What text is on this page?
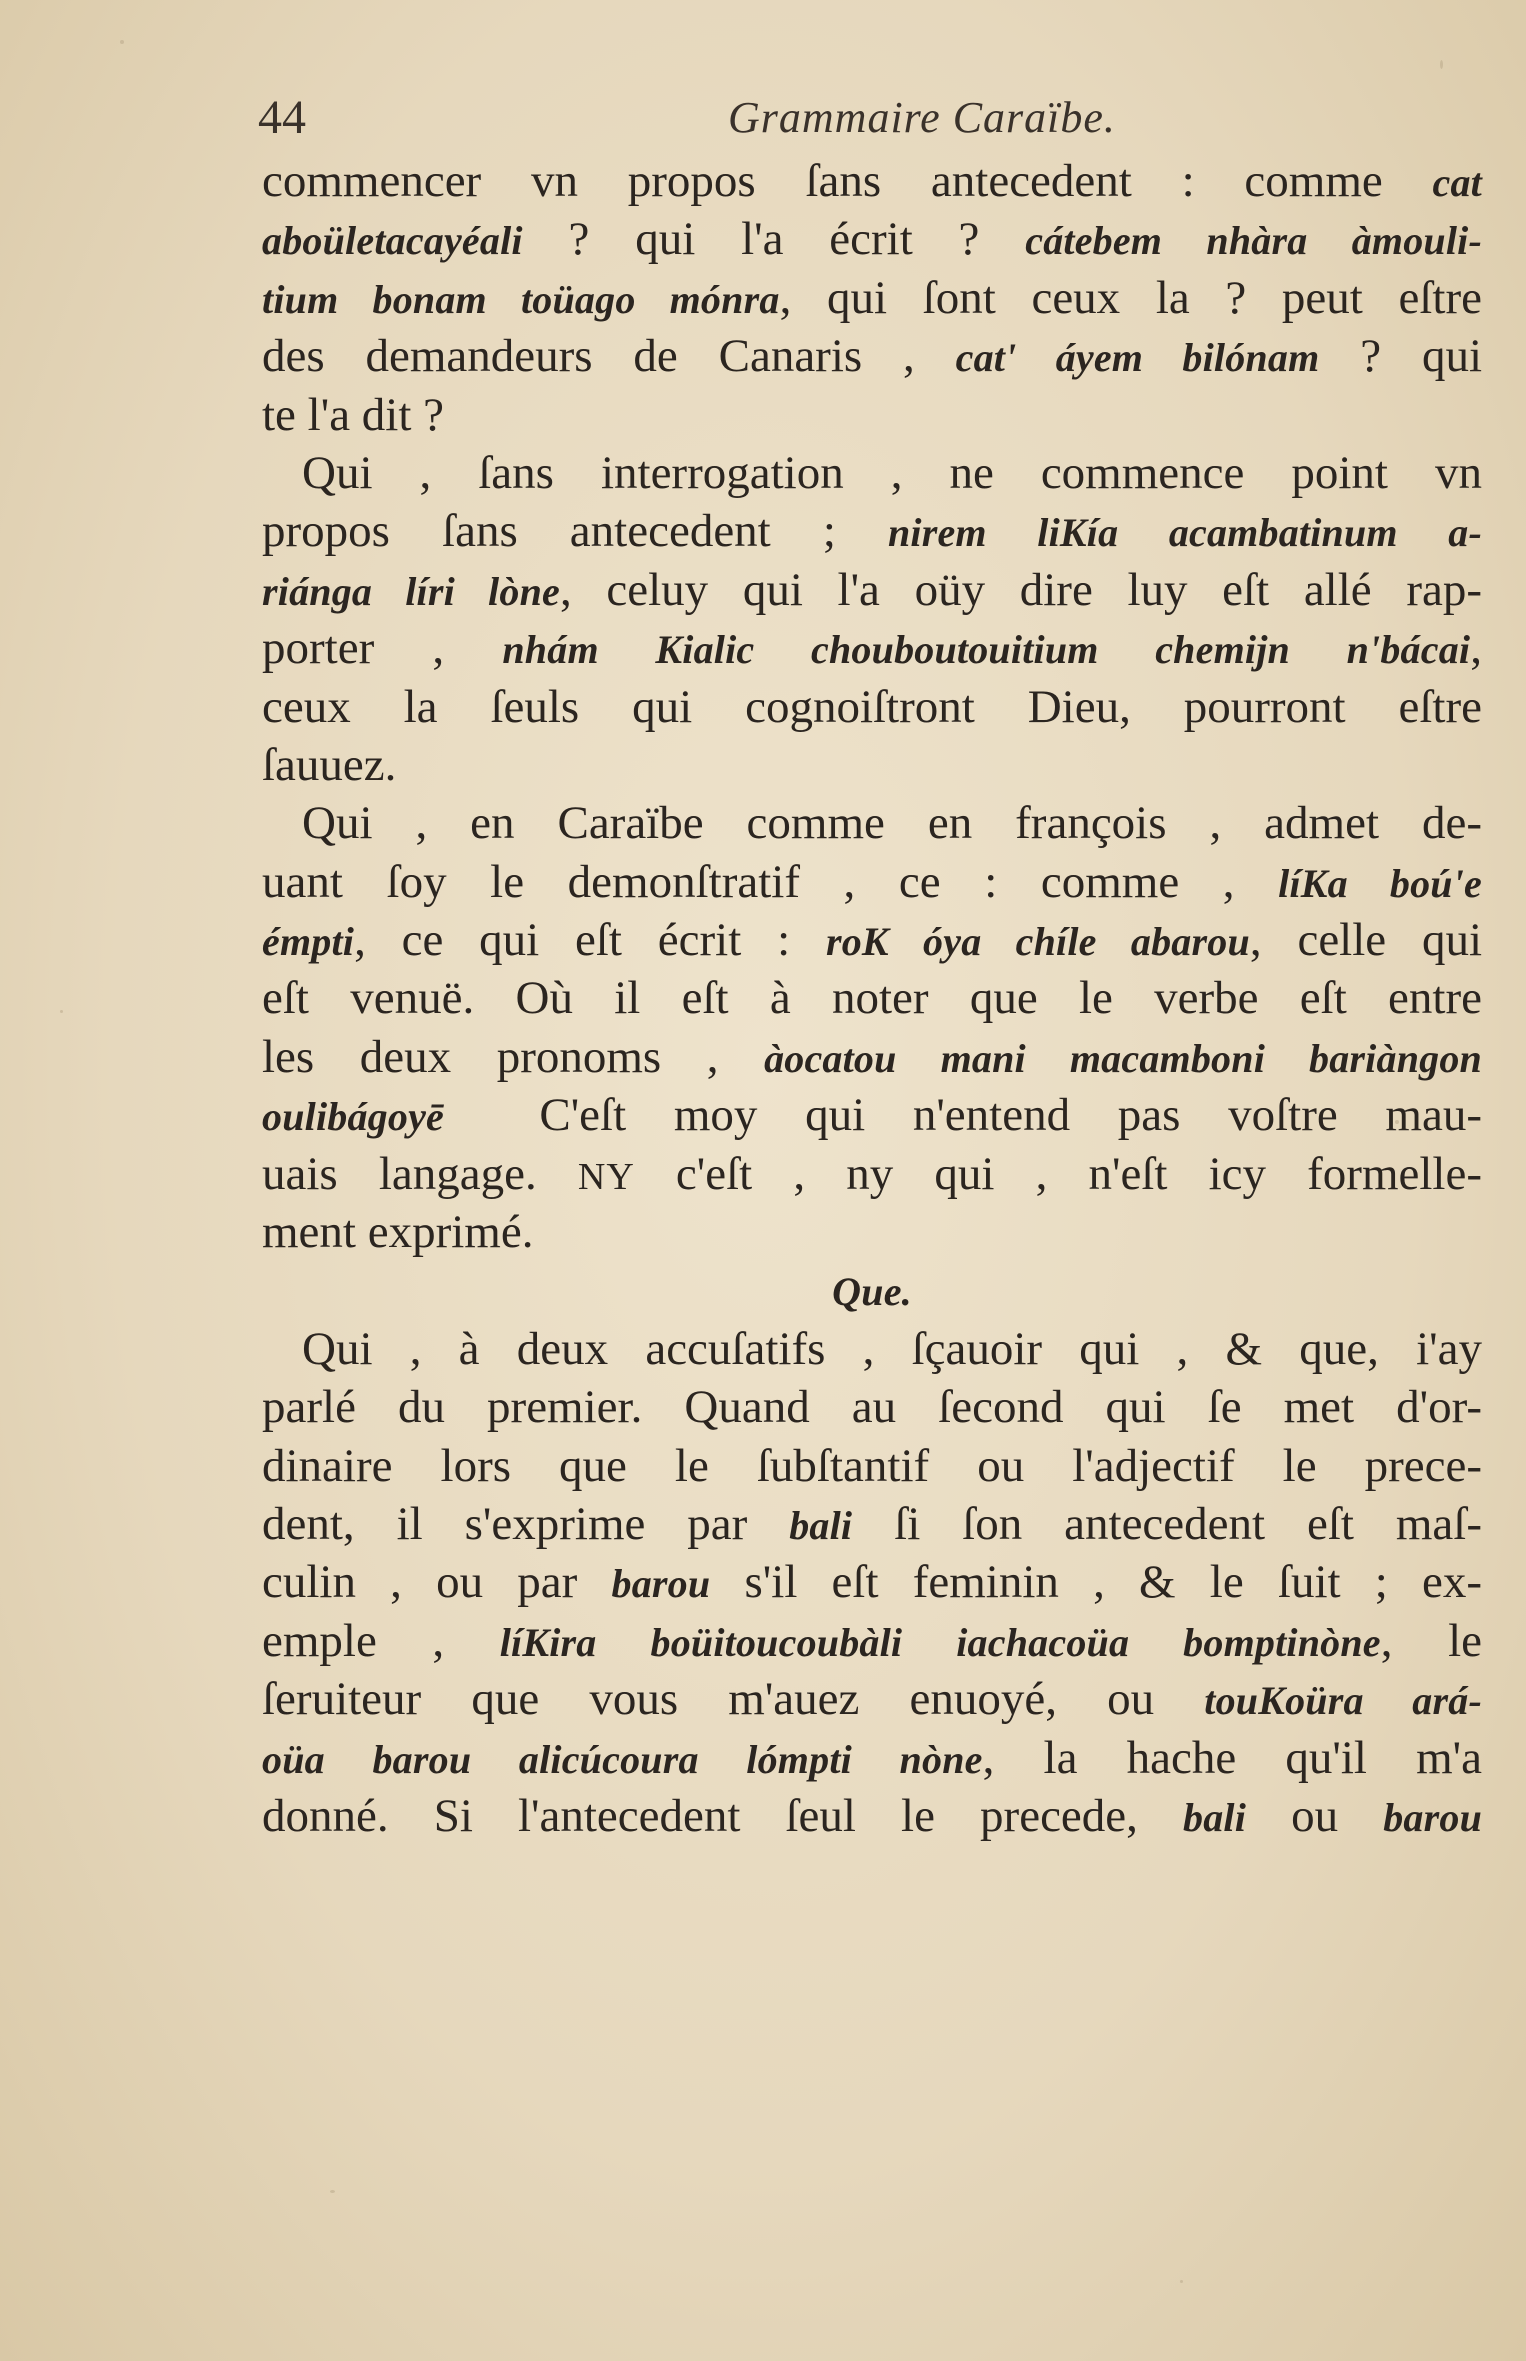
44	Grammaire Caraïbe.
commencer vn propos ſans antecedent : comme cat
aboületacayéali ? qui l'a écrit ? cátebem nhàra àmouli-
tium bonam toüago mónra, qui ſont ceux la ? peut eſtre
des demandeurs de Canaris , cat' áyem bilónam ? qui
te l'a dit ?
Qui , ſans interrogation , ne commence point vn
propos ſans antecedent ; nirem liKía acambatinum a-
riánga líri lòne, celuy qui l'a oüy dire luy eſt allé rap-
porter , nhám Kialic chouboutouitium chemijn n'bácai,
ceux la ſeuls qui cognoiſtront Dieu, pourront eſtre
ſauuez.
Qui , en Caraïbe comme en françois , admet de-
uant ſoy le demonſtratif , ce : comme , líKa boú'e
émpti, ce qui eſt écrit : roK óya chíle abarou, celle qui
eſt venuë. Où il eſt à noter que le verbe eſt entre
les deux pronoms , àocatou mani macamboni bariàngon
oulibágoyē  C'eſt moy qui n'entend pas voſtre mau-
uais langage. NY c'eſt , ny qui , n'eſt icy formelle-
ment exprimé.
Que.
Qui , à deux accuſatifs , ſçauoir qui , & que, i'ay
parlé du premier. Quand au ſecond qui ſe met d'or-
dinaire lors que le ſubſtantif ou l'adjectif le prece-
dent, il s'exprime par bali ſi ſon antecedent eſt maſ-
culin , ou par barou s'il eſt feminin , & le ſuit ; ex-
emple , líKira boüitoucoubàli iachacoüa bomptinòne, le
ſeruiteur que vous m'auez enuoyé, ou touKoüra ará-
oüa barou alicúcoura lómpti nòne, la hache qu'il m'a
donné. Si l'antecedent ſeul le precede, bali ou barou
